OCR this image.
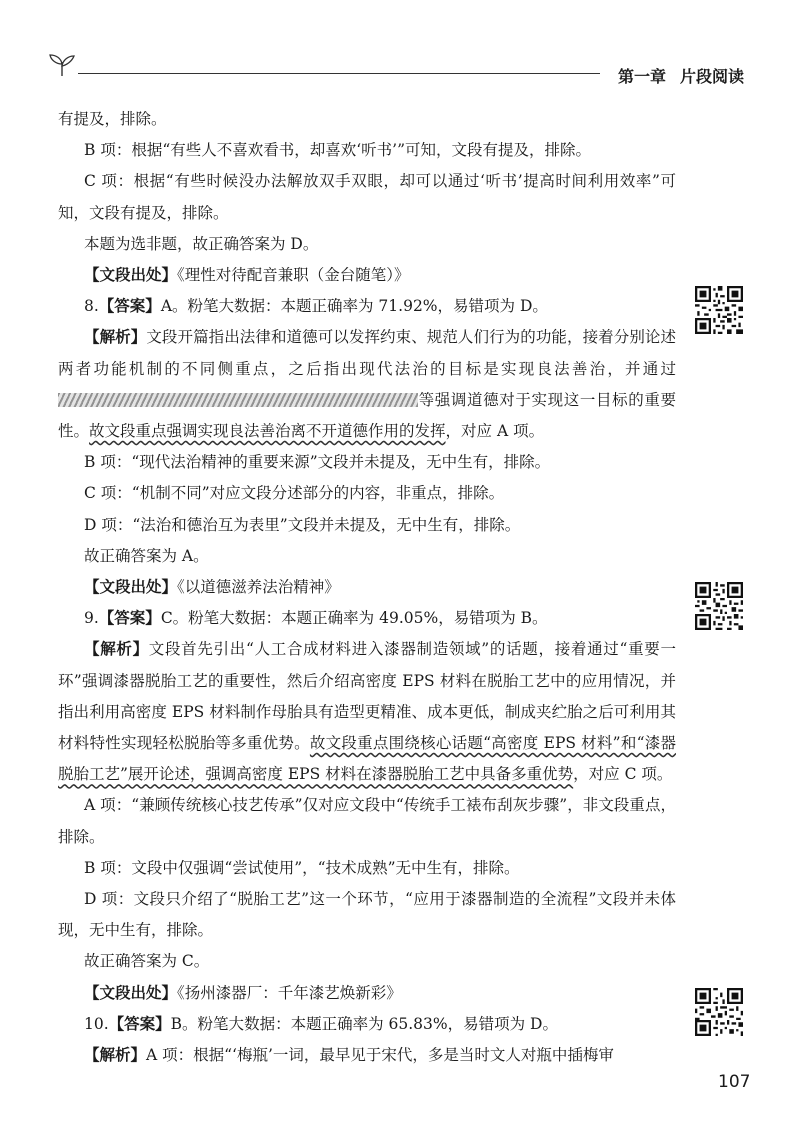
第一章 片段阅读

有提及，排除。

B 项：根据“有些人不喜欢看书，却喜欢‘听书’”可知，文段有提及，排除。

C 项：根据“有些时候没办法解放双手双眼，却可以通过‘听书’提高时间利用效率”可知，文段有提及，排除。

本题为选非题，故正确答案为 D。

【文段出处】《理性对待配音兼职（金台随笔）》

8.【答案】A。粉笔大数据：本题正确率为 71.92%，易错项为 D。

【解析】文段开篇指出法律和道德可以发挥约束、规范人们行为的功能，接着分别论述两者功能机制的不同侧重点，之后指出现代法治的目标是实现良法善治，并通过等强调道德对于实现这一目标的重要性。故文段重点强调实现良法善治离不开道德作用的发挥，对应 A 项。

B 项：“现代法治精神的重要来源”文段并未提及，无中生有，排除。

C 项：“机制不同”对应文段分述部分的内容，非重点，排除。

D 项：“法治和德治互为表里”文段并未提及，无中生有，排除。

故正确答案为 A。

【文段出处】《以道德滋养法治精神》

9.【答案】C。粉笔大数据：本题正确率为 49.05%，易错项为 B。

【解析】文段首先引出“人工合成材料进入漆器制造领域”的话题，接着通过“重要一环”强调漆器脱胎工艺的重要性，然后介绍高密度 EPS 材料在脱胎工艺中的应用情况，并指出利用高密度 EPS 材料制作母胎具有造型更精准、成本更低，制成夹纻胎之后可利用其材料特性实现轻松脱胎等多重优势。故文段重点围绕核心话题“高密度 EPS 材料”和“漆器脱胎工艺”展开论述，强调高密度 EPS 材料在漆器脱胎工艺中具备多重优势，对应 C 项。

A 项：“兼顾传统核心技艺传承”仅对应文段中“传统手工裱布刮灰步骤”，非文段重点，排除。

B 项：文段中仅强调“尝试使用”，“技术成熟”无中生有，排除。

D 项：文段只介绍了“脱胎工艺”这一个环节，“应用于漆器制造的全流程”文段并未体现，无中生有，排除。

故正确答案为 C。

【文段出处】《扬州漆器厂：千年漆艺焕新彩》

10.【答案】B。粉笔大数据：本题正确率为 65.83%，易错项为 D。

【解析】A 项：根据“‘梅瓶’一词，最早见于宋代，多是当时文人对瓶中插梅审

107
